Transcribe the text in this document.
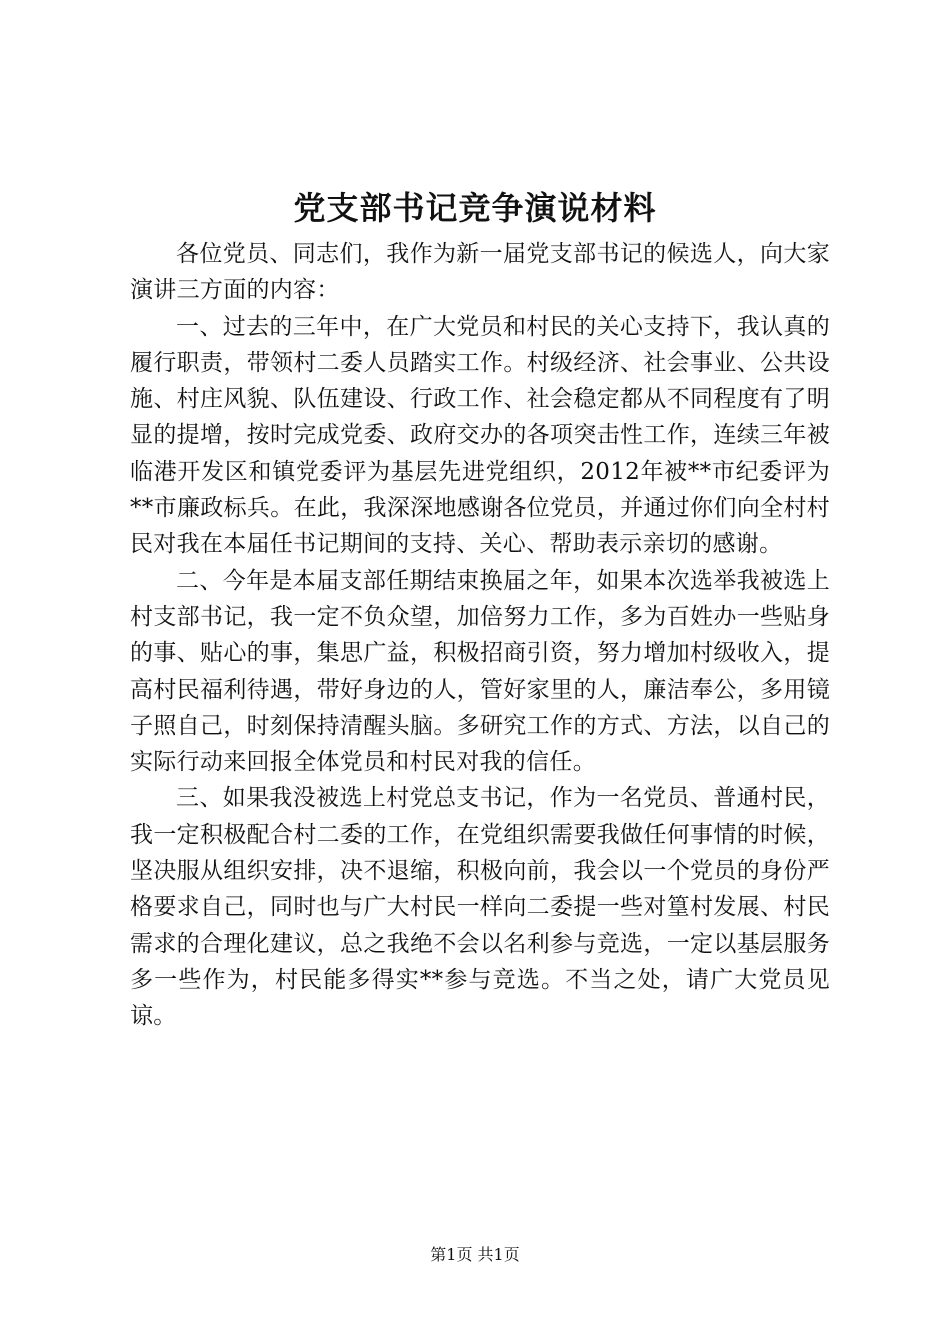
党支部书记竞争演说材料

各位党员、同志们，我作为新一届党支部书记的候选人，向大家演讲三方面的内容：

一、过去的三年中，在广大党员和村民的关心支持下，我认真的履行职责，带领村二委人员踏实工作。村级经济、社会事业、公共设施、村庄风貌、队伍建设、行政工作、社会稳定都从不同程度有了明显的提增，按时完成党委、政府交办的各项突击性工作，连续三年被临港开发区和镇党委评为基层先进党组织，2012年被**市纪委评为**市廉政标兵。在此，我深深地感谢各位党员，并通过你们向全村村民对我在本届任书记期间的支持、关心、帮助表示亲切的感谢。

二、今年是本届支部任期结束换届之年，如果本次选举我被选上村支部书记，我一定不负众望，加倍努力工作，多为百姓办一些贴身的事、贴心的事，集思广益，积极招商引资，努力增加村级收入，提高村民福利待遇，带好身边的人，管好家里的人，廉洁奉公，多用镜子照自己，时刻保持清醒头脑。多研究工作的方式、方法，以自己的实际行动来回报全体党员和村民对我的信任。

三、如果我没被选上村党总支书记，作为一名党员、普通村民，我一定积极配合村二委的工作，在党组织需要我做任何事情的时候，坚决服从组织安排，决不退缩，积极向前，我会以一个党员的身份严格要求自己，同时也与广大村民一样向二委提一些对篁村发展、村民需求的合理化建议，总之我绝不会以名利参与竞选，一定以基层服务多一些作为，村民能多得实**参与竞选。不当之处，请广大党员见谅。

第1页 共1页
